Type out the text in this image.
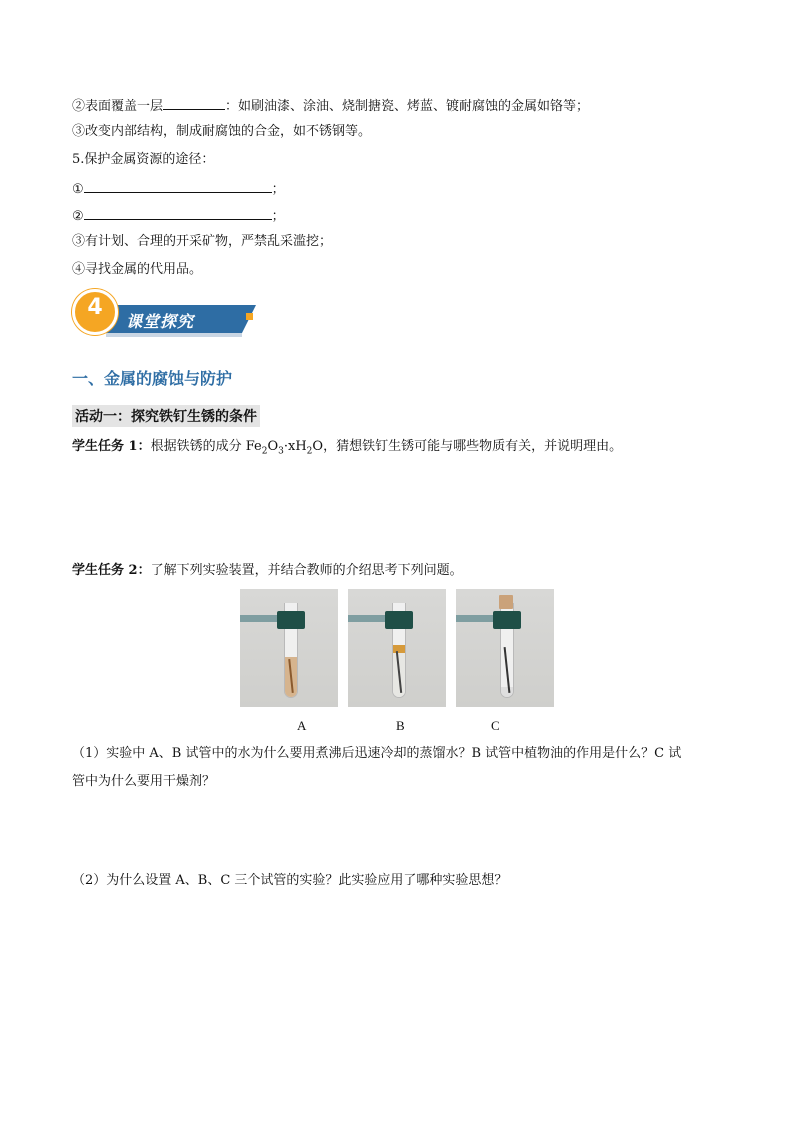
②表面覆盖一层	：如刷油漆、涂油、烧制搪瓷、烤蓝、镀耐腐蚀的金属如铬等；
③改变内部结构，制成耐腐蚀的合金，如不锈钢等。
5.保护金属资源的途径：
①	；
②	；
③有计划、合理的开采矿物，严禁乱采滥挖；
④寻找金属的代用品。
课堂探究
4
一、金属的腐蚀与防护
活动一：探究铁钉生锈的条件
学生任务 1：根据铁锈的成分 $Fe_2O_3\cdot xH_2O$，猜想铁钉生锈可能与哪些物质有关，并说明理由。
学生任务 2：了解下列实验装置，并结合教师的介绍思考下列问题。
A	B	C
（1）实验中 A、B 试管中的水为什么要用煮沸后迅速冷却的蒸馏水？B 试管中植物油的作用是什么？C 试
管中为什么要用干燥剂？
（2）为什么设置 A、B、C 三个试管的实验？此实验应用了哪种实验思想？
